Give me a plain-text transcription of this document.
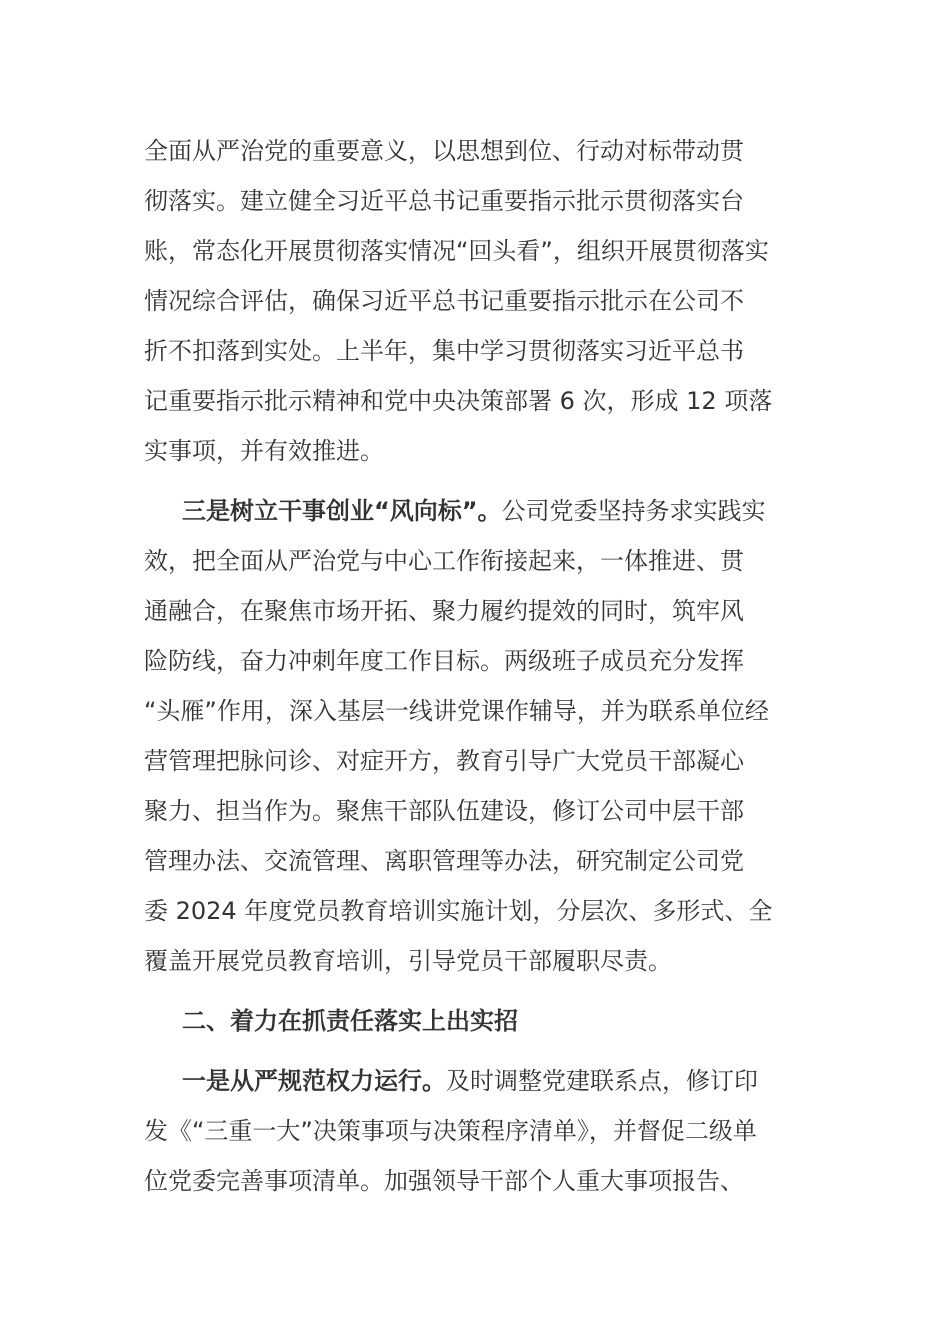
全面从严治党的重要意义，以思想到位、行动对标带动贯
彻落实。建立健全习近平总书记重要指示批示贯彻落实台
账，常态化开展贯彻落实情况“回头看”，组织开展贯彻落实
情况综合评估，确保习近平总书记重要指示批示在公司不
折不扣落到实处。上半年，集中学习贯彻落实习近平总书
记重要指示批示精神和党中央决策部署 6 次，形成 12 项落
实事项，并有效推进。
三是树立干事创业“风向标”。公司党委坚持务求实践实
效，把全面从严治党与中心工作衔接起来，一体推进、贯
通融合，在聚焦市场开拓、聚力履约提效的同时，筑牢风
险防线，奋力冲刺年度工作目标。两级班子成员充分发挥
“头雁”作用，深入基层一线讲党课作辅导，并为联系单位经
营管理把脉问诊、对症开方，教育引导广大党员干部凝心
聚力、担当作为。聚焦干部队伍建设，修订公司中层干部
管理办法、交流管理、离职管理等办法，研究制定公司党
委 2024 年度党员教育培训实施计划，分层次、多形式、全
覆盖开展党员教育培训，引导党员干部履职尽责。
二、着力在抓责任落实上出实招
一是从严规范权力运行。及时调整党建联系点，修订印
发《“三重一大”决策事项与决策程序清单》，并督促二级单
位党委完善事项清单。加强领导干部个人重大事项报告、
